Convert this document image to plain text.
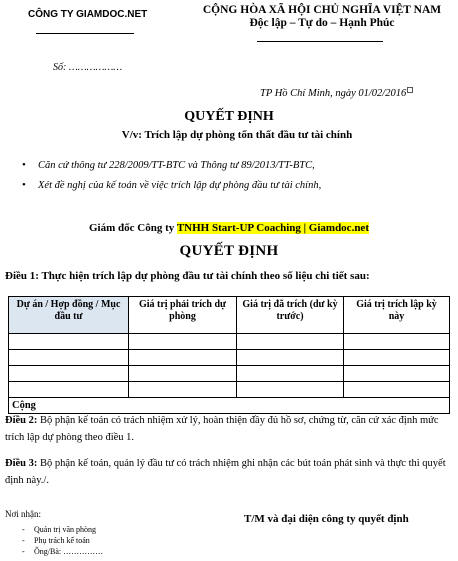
CÔNG TY GIAMDOC.NET	CỘNG HÒA XÃ HỘI CHỦ NGHĨA VIỆT NAM
Độc lập – Tự do – Hạnh Phúc
Số: ………………
TP Hồ Chí Minh, ngày 01/02/2016
QUYẾT ĐỊNH
V/v: Trích lập dự phòng tổn thất đầu tư tài chính
• Căn cứ thông tư 228/2009/TT-BTC và Thông tư 89/2013/TT-BTC,
• Xét đề nghị của kế toán về việc trích lập dự phòng đầu tư tài chính,
Giám đốc Công ty TNHH Start-UP Coaching | Giamdoc.net
QUYẾT ĐỊNH
Điều 1: Thực hiện trích lập dự phòng đầu tư tài chính theo số liệu chi tiết sau:
Dự án / Hợp đồng / Mục đầu tư	Giá trị phải trích dự phòng	Giá trị đã trích (dư kỳ trước)	Giá trị trích lập kỳ này

Cộng			
Điều 2: Bộ phận kế toán có trách nhiệm xử lý, hoàn thiện đầy đủ hồ sơ, chứng từ, căn cứ xác định mức trích lập dự phòng theo điều 1.
Điều 3: Bộ phận kế toán, quản lý đầu tư có trách nhiệm ghi nhận các bút toán phát sinh và thực thi quyết định này./.
Nơi nhận:
- Quản trị văn phòng
- Phụ trách kế toán
- Ông/Bà: ……………
T/M và đại diện công ty quyết định
